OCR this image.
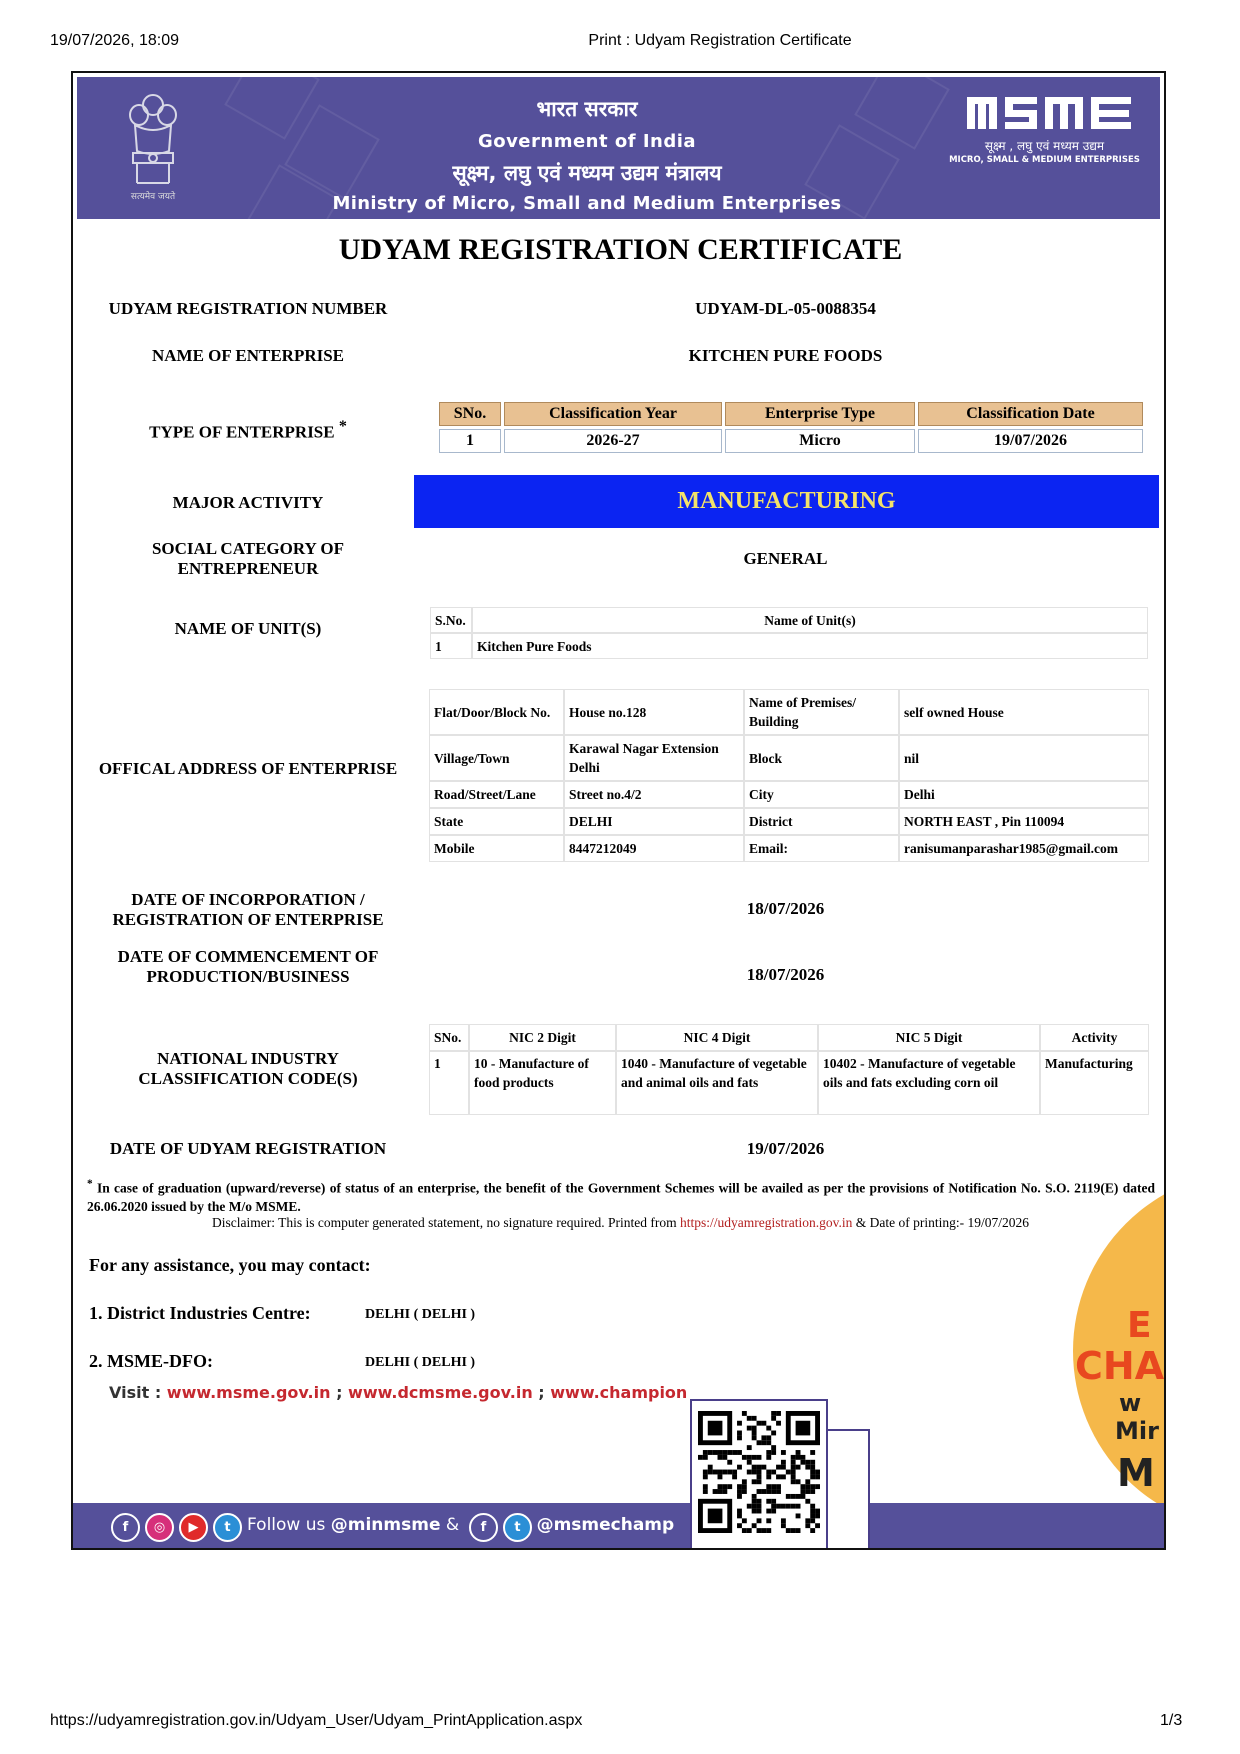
19/07/2026, 18:09	Print : Udyam Registration Certificate
सत्यमेव जयते
भारत सरकार
Government of India
सूक्ष्म, लघु एवं मध्यम उद्यम मंत्रालय
Ministry of Micro, Small and Medium Enterprises
सूक्ष्म , लघु एवं मध्यम उद्यम
MICRO, SMALL & MEDIUM ENTERPRISES
UDYAM REGISTRATION CERTIFICATE
UDYAM REGISTRATION NUMBER	UDYAM-DL-05-0088354
NAME OF ENTERPRISE	KITCHEN PURE FOODS
TYPE OF ENTERPRISE *
SNo.	Classification Year	Enterprise Type	Classification Date
1	2026-27	Micro	19/07/2026
MAJOR ACTIVITY	MANUFACTURING
SOCIAL CATEGORY OF
ENTREPRENEUR
GENERAL
NAME OF UNIT(S)	S.No.	Name of Unit(s)
1	Kitchen Pure Foods
OFFICAL ADDRESS OF ENTERPRISE
Flat/Door/Block No.	House no.128	Name of Premises/ Building	self owned House
Village/Town	Karawal Nagar Extension Delhi	Block	nil
Road/Street/Lane	Street no.4/2	City	Delhi
State	DELHI	District	NORTH EAST , Pin 110094
Mobile	8447212049	Email:	ranisumanparashar1985@gmail.com
DATE OF INCORPORATION /
REGISTRATION OF ENTERPRISE
18/07/2026
DATE OF COMMENCEMENT OF
PRODUCTION/BUSINESS	18/07/2026
NATIONAL INDUSTRY
CLASSIFICATION CODE(S)
SNo.	NIC 2 Digit	NIC 4 Digit	NIC 5 Digit	Activity
1	10 - Manufacture of food products	1040 - Manufacture of vegetable and animal oils and fats	10402 - Manufacture of vegetable oils and fats excluding corn oil	Manufacturing
DATE OF UDYAM REGISTRATION	19/07/2026
* In case of graduation (upward/reverse) of status of an enterprise, the benefit of the Government Schemes will be availed as per the provisions of Notification No. S.O. 2119(E) dated 26.06.2020 issued by the M/o MSME.
Disclaimer: This is computer generated statement, no signature required. Printed from https://udyamregistration.gov.in & Date of printing:- 19/07/2026
E
CHA
w
Mir
M
For any assistance, you may contact:
1. District Industries Centre:	DELHI ( DELHI )
2. MSME-DFO:	DELHI ( DELHI )
Visit : www.msme.gov.in ; www.dcmsme.gov.in ; www.champion
f	◎	▶	t Follow us @minmsme &	@msmechamp
f	t
https://udyamregistration.gov.in/Udyam_User/Udyam_PrintApplication.aspx	1/3
